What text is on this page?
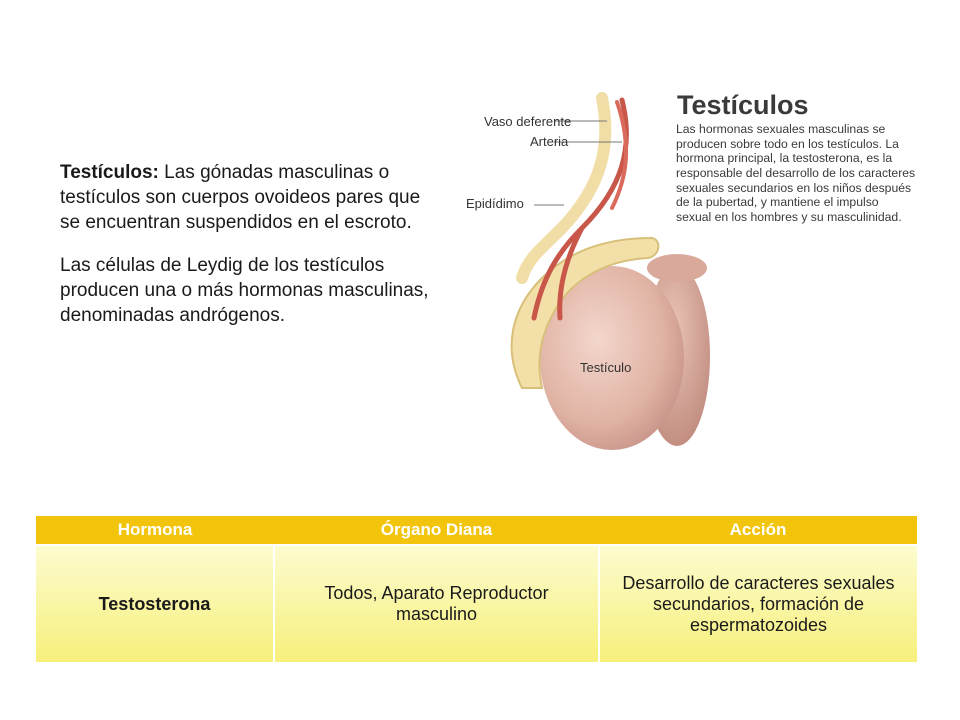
Testículos: Las gónadas masculinas o testículos son cuerpos ovoideos pares que se encuentran suspendidos en el escroto.

Las células de Leydig de los testículos producen una o más hormonas masculinas, denominadas andrógenos.

Vaso deferente
Arteria
Epidídimo
Testículo
Testículos
Las hormonas sexuales masculinas se producen sobre todo en los testículos. La hormona principal, la testosterona, es la responsable del desarrollo de los caracteres sexuales secundarios en los niños después de la pubertad, y mantiene el impulso sexual en los hombres y su masculinidad.
Hormona	Órgano Diana	Acción
Testosterona	Todos, Aparato Reproductor masculino	Desarrollo de caracteres sexuales secundarios, formación de espermatozoides
